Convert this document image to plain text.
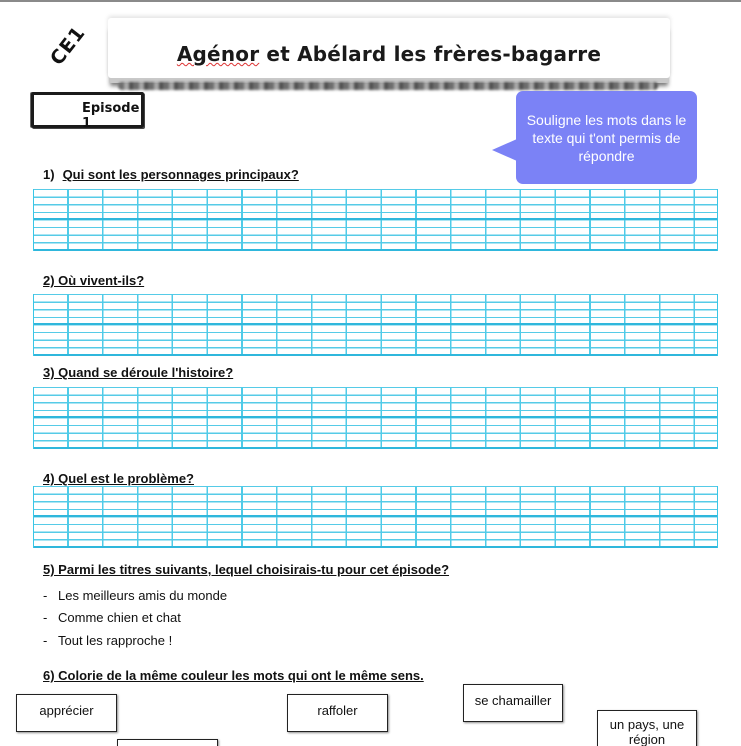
CE1	Agénor et Abélard les frères-bagarre
Episode 1	Souligne les mots dans le texte qui t'ont permis de répondre
1) Qui sont les personnages principaux?
2) Où vivent-ils?
3) Quand se déroule l'histoire?
4) Quel est le problème?
5) Parmi les titres suivants, lequel choisirais-tu pour cet épisode?
- Les meilleurs amis du monde
- Comme chien et chat
- Tout les rapproche !
6) Colorie de la même couleur les mots qui ont le même sens.
apprécier	raffoler
se chamailler
un pays, une région
